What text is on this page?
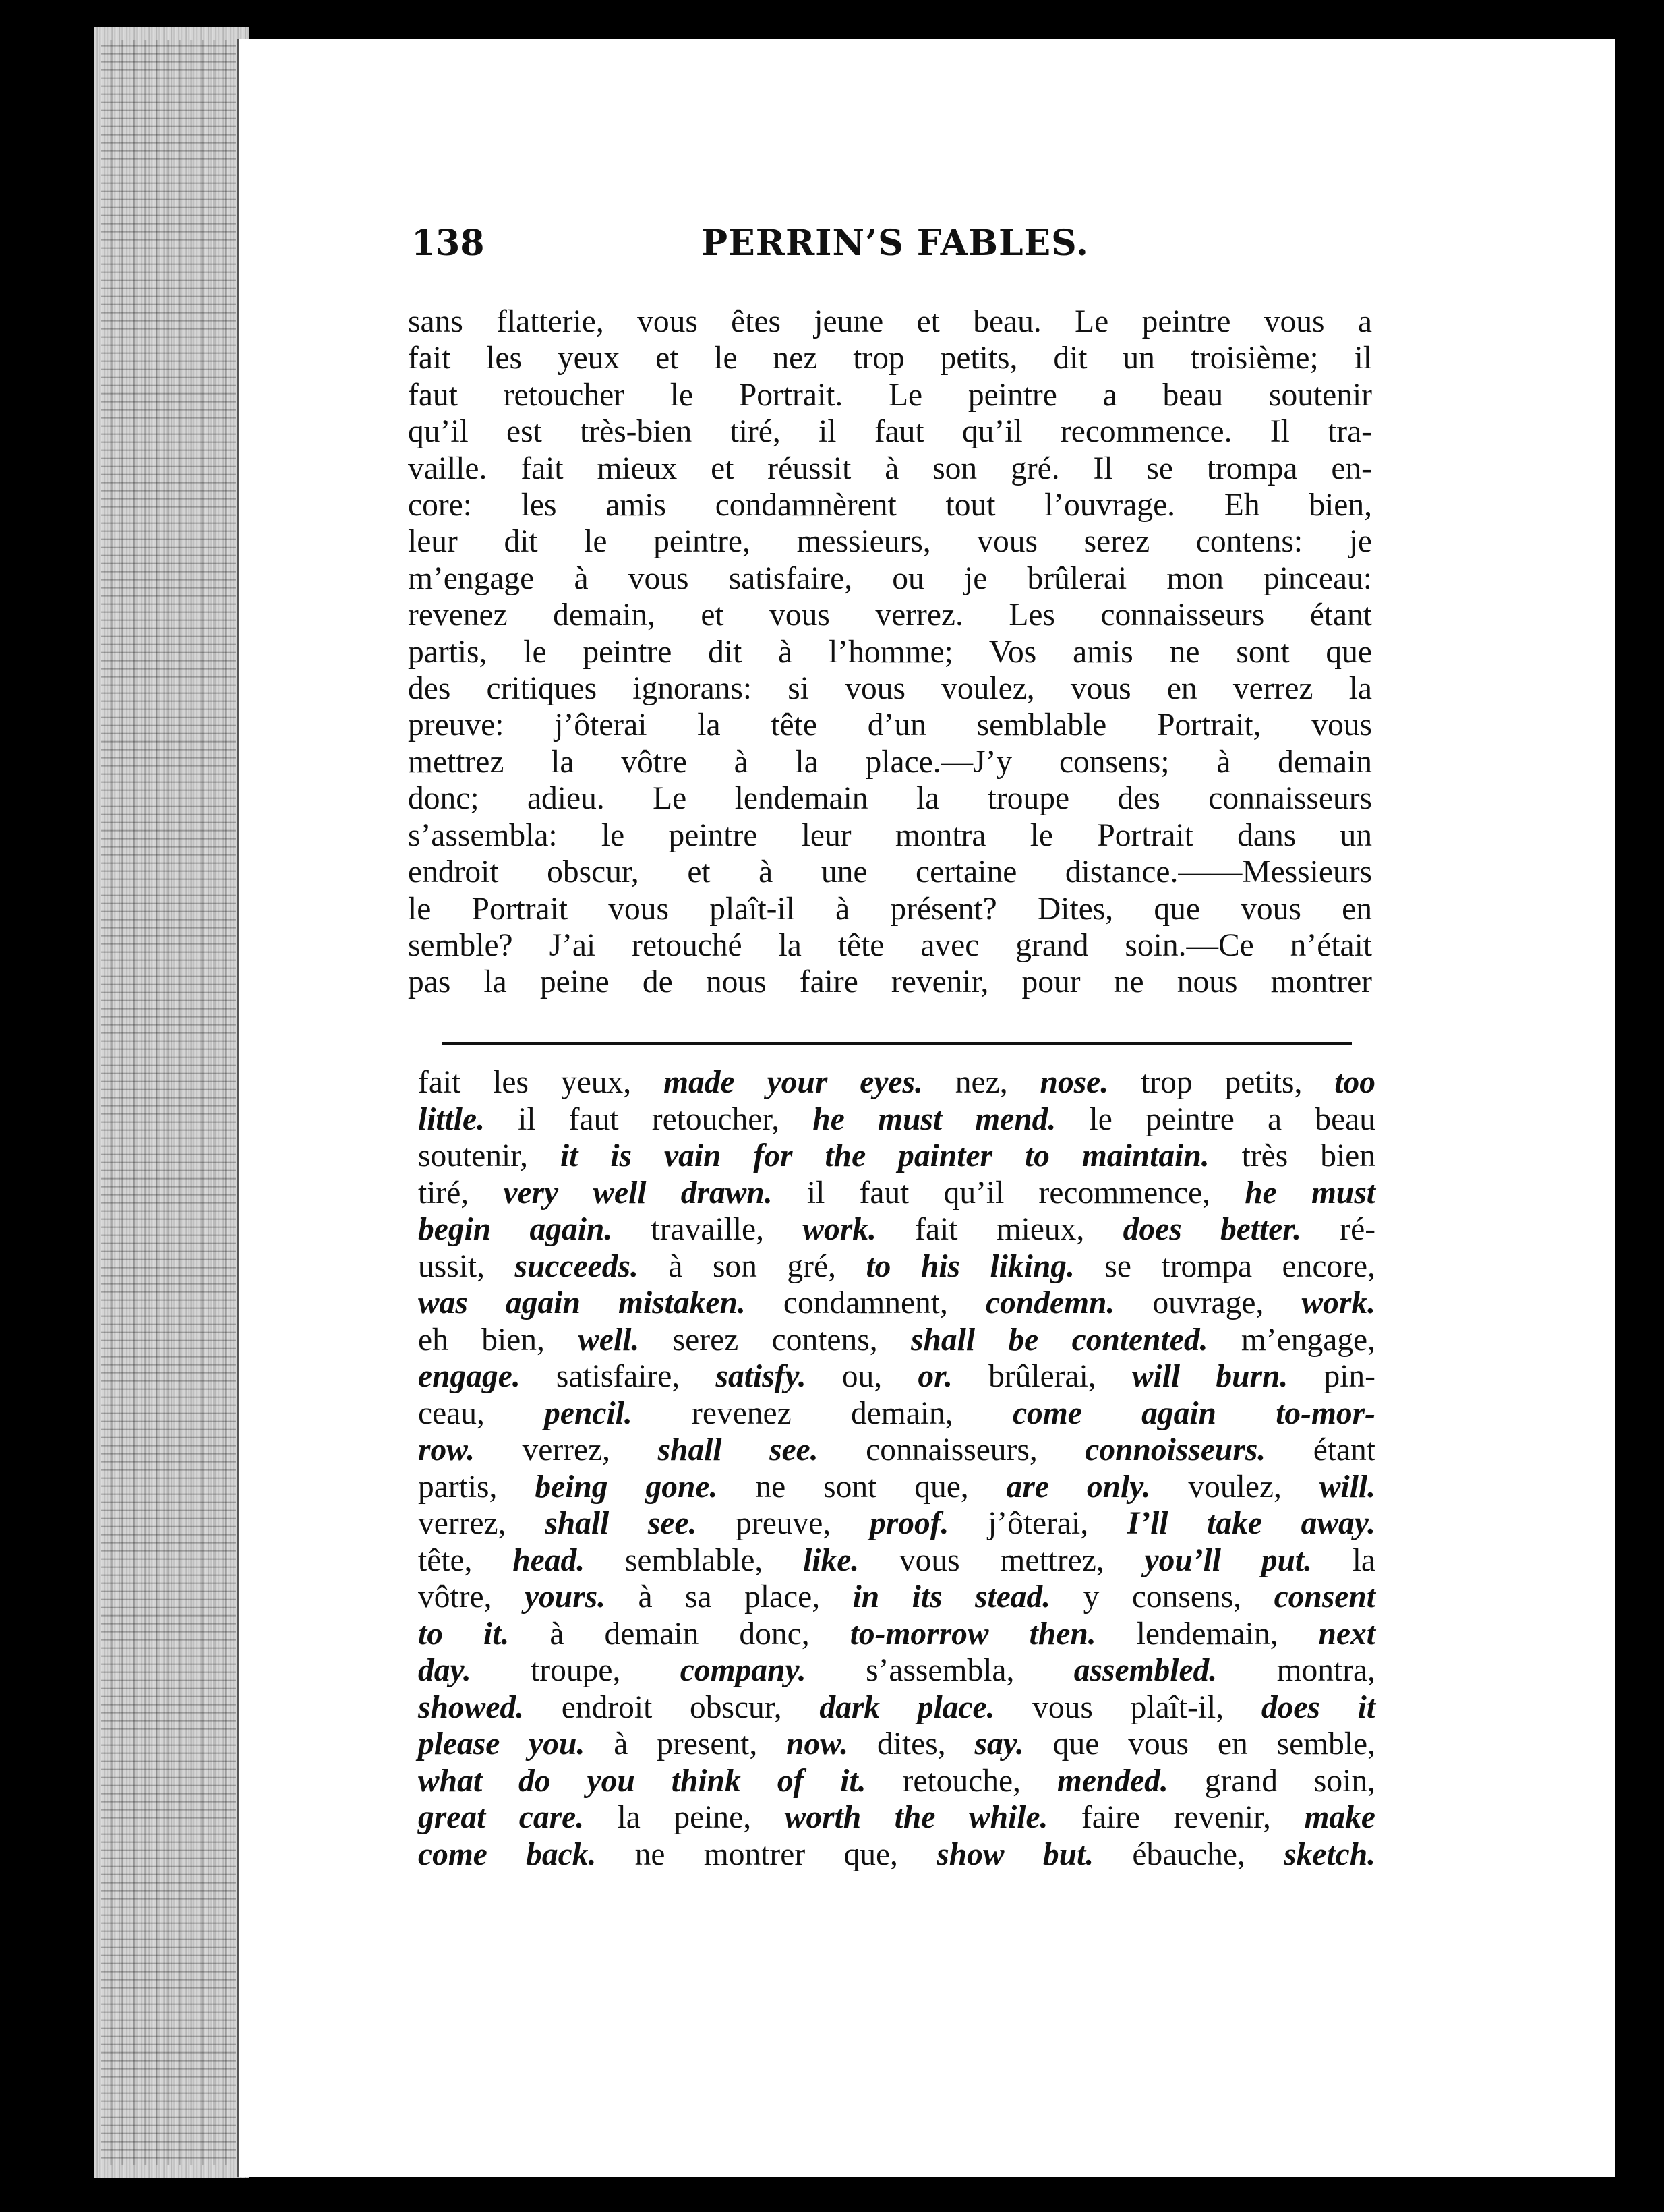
138	PERRIN’S FABLES.
sans flatterie, vous êtes jeune et beau. Le peintre vous a
fait les yeux et le nez trop petits, dit un troisième; il
faut retoucher le Portrait. Le peintre a beau soutenir
qu’il est très-bien tiré, il faut qu’il recommence. Il tra-
vaille. fait mieux et réussit à son gré. Il se trompa en-
core: les amis condamnèrent tout l’ouvrage. Eh bien,
leur dit le peintre, messieurs, vous serez contens: je
m’engage à vous satisfaire, ou je brûlerai mon pinceau:
revenez demain, et vous verrez. Les connaisseurs étant
partis, le peintre dit à l’homme; Vos amis ne sont que
des critiques ignorans: si vous voulez, vous en verrez la
preuve: j’ôterai la tête d’un semblable Portrait, vous
mettrez la vôtre à la place.—J’y consens; à demain
donc; adieu. Le lendemain la troupe des connaisseurs
s’assembla: le peintre leur montra le Portrait dans un
endroit obscur, et à une certaine distance.——Messieurs
le Portrait vous plaît-il à présent? Dites, que vous en
semble? J’ai retouché la tête avec grand soin.—Ce n’était
pas la peine de nous faire revenir, pour ne nous montrer
fait les yeux, made your eyes. nez, nose. trop petits, too
little. il faut retoucher, he must mend. le peintre a beau
soutenir, it is vain for the painter to maintain. très bien
tiré, very well drawn. il faut qu’il recommence, he must
begin again. travaille, work. fait mieux, does better. ré-
ussit, succeeds. à son gré, to his liking. se trompa encore,
was again mistaken. condamnent, condemn. ouvrage, work.
eh bien, well. serez contens, shall be contented. m’engage,
engage. satisfaire, satisfy. ou, or. brûlerai, will burn. pin-
ceau, pencil. revenez demain, come again to-mor-
row. verrez, shall see. connaisseurs, connoisseurs. étant
partis, being gone. ne sont que, are only. voulez, will.
verrez, shall see. preuve, proof. j’ôterai, I’ll take away.
tête, head. semblable, like. vous mettrez, you’ll put. la
vôtre, yours. à sa place, in its stead. y consens, consent
to it. à demain donc, to-morrow then. lendemain, next
day. troupe, company. s’assembla, assembled. montra,
showed. endroit obscur, dark place. vous plaît-il, does it
please you. à present, now. dites, say. que vous en semble,
what do you think of it. retouche, mended. grand soin,
great care. la peine, worth the while. faire revenir, make
come back. ne montrer que, show but. ébauche, sketch.
